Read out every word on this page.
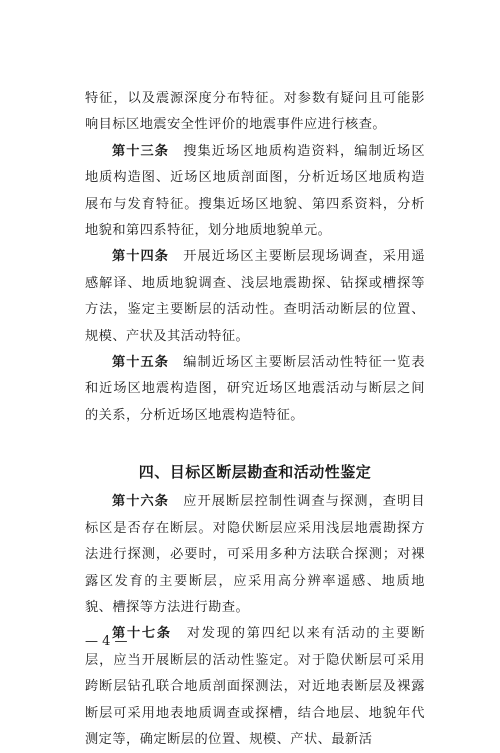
特征，以及震源深度分布特征。对参数有疑问且可能影响目标区地震安全性评价的地震事件应进行核查。

第十三条  搜集近场区地质构造资料，编制近场区地质构造图、近场区地质剖面图，分析近场区地质构造展布与发育特征。搜集近场区地貌、第四系资料，分析地貌和第四系特征，划分地质地貌单元。

第十四条  开展近场区主要断层现场调查，采用遥感解译、地质地貌调查、浅层地震勘探、钻探或槽探等方法，鉴定主要断层的活动性。查明活动断层的位置、规模、产状及其活动特征。

第十五条  编制近场区主要断层活动性特征一览表和近场区地震构造图，研究近场区地震活动与断层之间的关系，分析近场区地震构造特征。

四、目标区断层勘查和活动性鉴定

第十六条  应开展断层控制性调查与探测，查明目标区是否存在断层。对隐伏断层应采用浅层地震勘探方法进行探测，必要时，可采用多种方法联合探测；对裸露区发育的主要断层，应采用高分辨率遥感、地质地貌、槽探等方法进行勘查。

第十七条  对发现的第四纪以来有活动的主要断层，应当开展断层的活动性鉴定。对于隐伏断层可采用跨断层钻孔联合地质剖面探测法，对近地表断层及裸露断层可采用地表地质调查或探槽，结合地层、地貌年代测定等，确定断层的位置、规模、产状、最新活

— 4 —
